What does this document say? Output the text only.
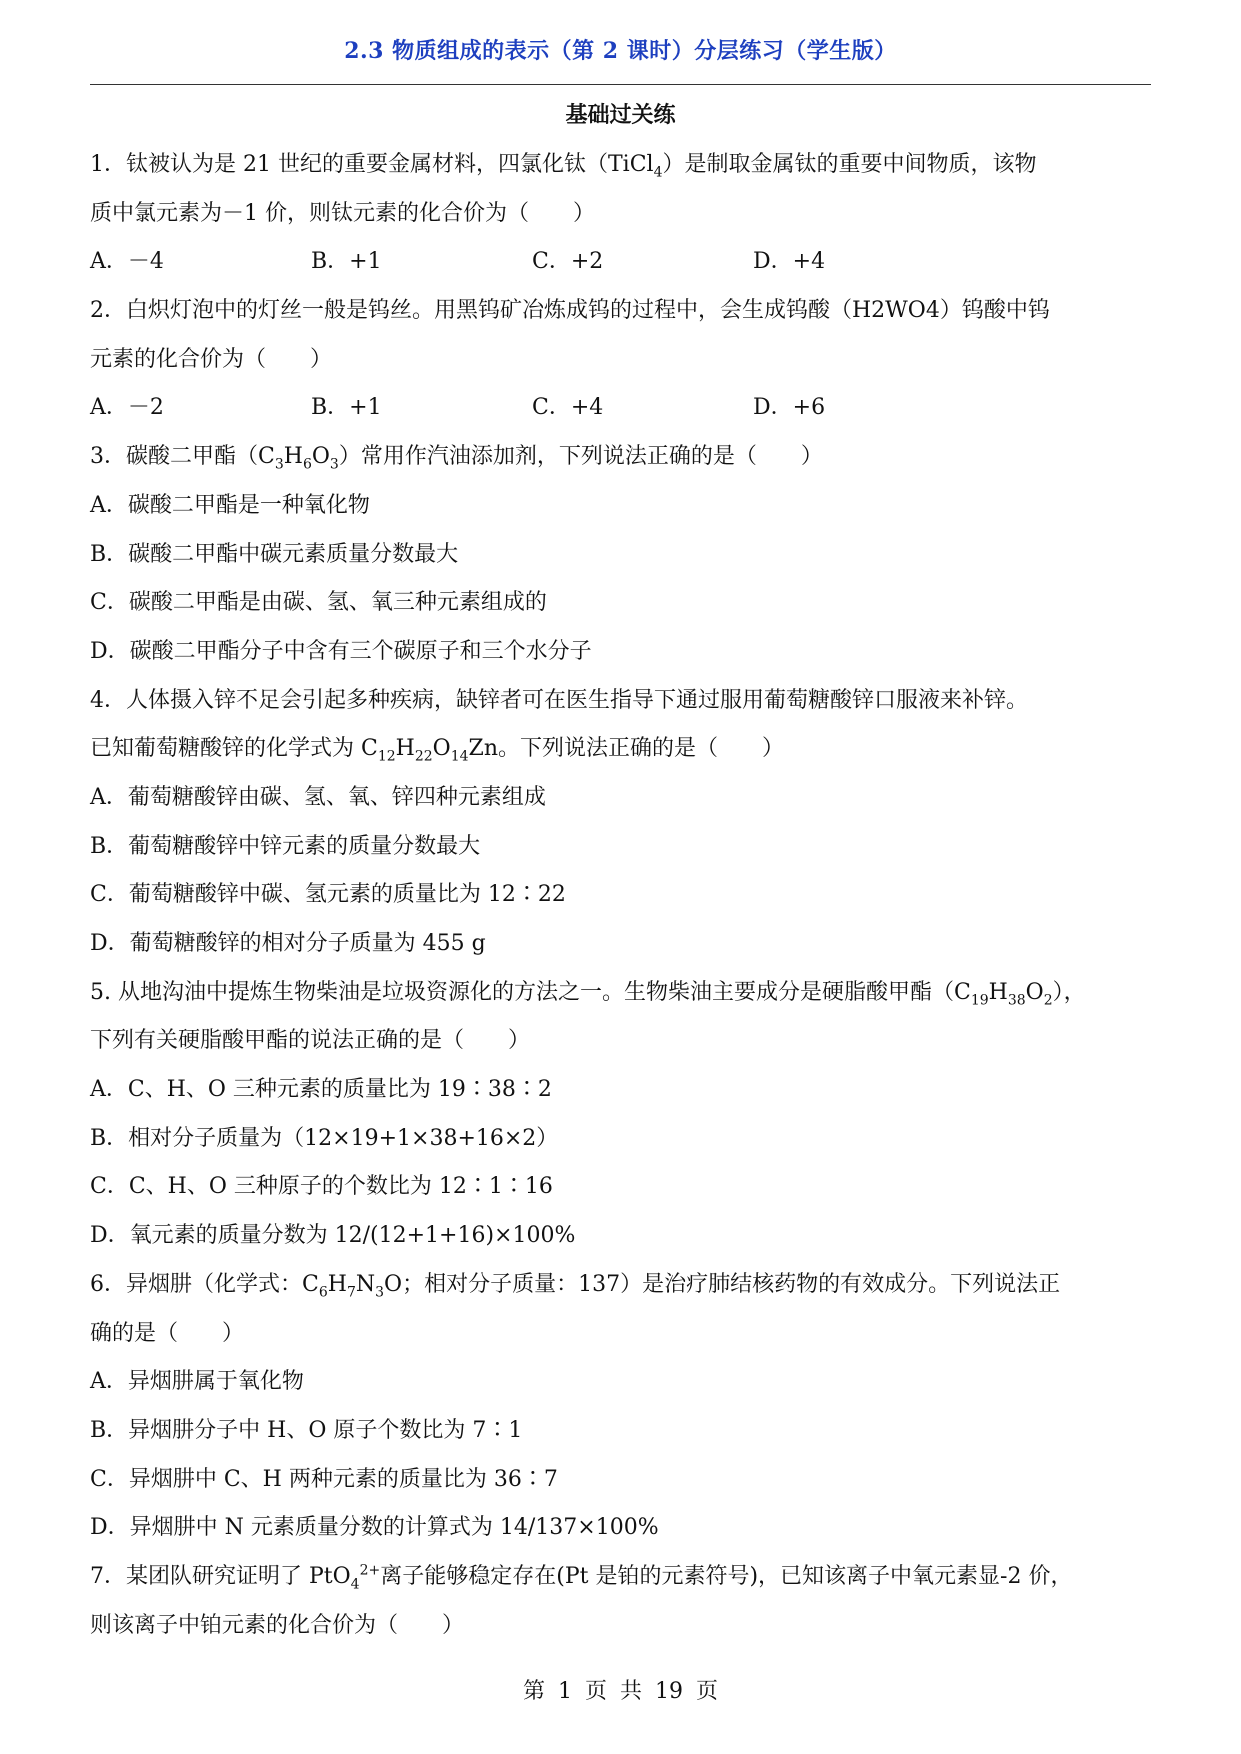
2.3 物质组成的表示（第 2 课时）分层练习（学生版）
基础过关练
1．钛被认为是 21 世纪的重要金属材料，四氯化钛（TiCl$_4$）是制取金属钛的重要中间物质，该物
质中氯元素为－1 价，则钛元素的化合价为（　　）
A．－4	B．+1	C．+2	D．+4
2．白炽灯泡中的灯丝一般是钨丝。用黑钨矿冶炼成钨的过程中，会生成钨酸（H2WO4）钨酸中钨
元素的化合价为（　　）
A．－2	B．+1	C．+4	D．+6
3．碳酸二甲酯$(C_3H_6O_3)$常用作汽油添加剂，下列说法正确的是（　　）
A．碳酸二甲酯是一种氧化物
B．碳酸二甲酯中碳元素质量分数最大
C．碳酸二甲酯是由碳、氢、氧三种元素组成的
D．碳酸二甲酯分子中含有三个碳原子和三个水分子
4．人体摄入锌不足会引起多种疾病，缺锌者可在医生指导下通过服用葡萄糖酸锌口服液来补锌。
已知葡萄糖酸锌的化学式为 $C_{12}H_{22}O_{14}Zn$。下列说法正确的是（　　）
A．葡萄糖酸锌由碳、氢、氧、锌四种元素组成
B．葡萄糖酸锌中锌元素的质量分数最大
C．葡萄糖酸锌中碳、氢元素的质量比为 12∶22
D．葡萄糖酸锌的相对分子质量为 455 g
5. 从地沟油中提炼生物柴油是垃圾资源化的方法之一。生物柴油主要成分是硬脂酸甲酯$(C_{19}H_{38}O_2)$，
下列有关硬脂酸甲酯的说法正确的是（　　）
A．C、H、O 三种元素的质量比为 19∶38∶2
B．相对分子质量为（12×19+1×38+16×2）
C．C、H、O 三种原子的个数比为 12∶1∶16
D．氧元素的质量分数为 12/(12+1+16)×100%
6．异烟肼（化学式：$C_6H_7N_3O$；相对分子质量：137）是治疗肺结核药物的有效成分。下列说法正
确的是（　　）
A．异烟肼属于氧化物
B．异烟肼分子中 H、O 原子个数比为 7∶1
C．异烟肼中 C、H 两种元素的质量比为 36∶7
D．异烟肼中 N 元素质量分数的计算式为 14/137×100%
7．某团队研究证明了 PtO$_4^{2+}$离子能够稳定存在(Pt 是铂的元素符号)，已知该离子中氧元素显-2 价，
则该离子中铂元素的化合价为（　　）
第 1 页 共 19 页
